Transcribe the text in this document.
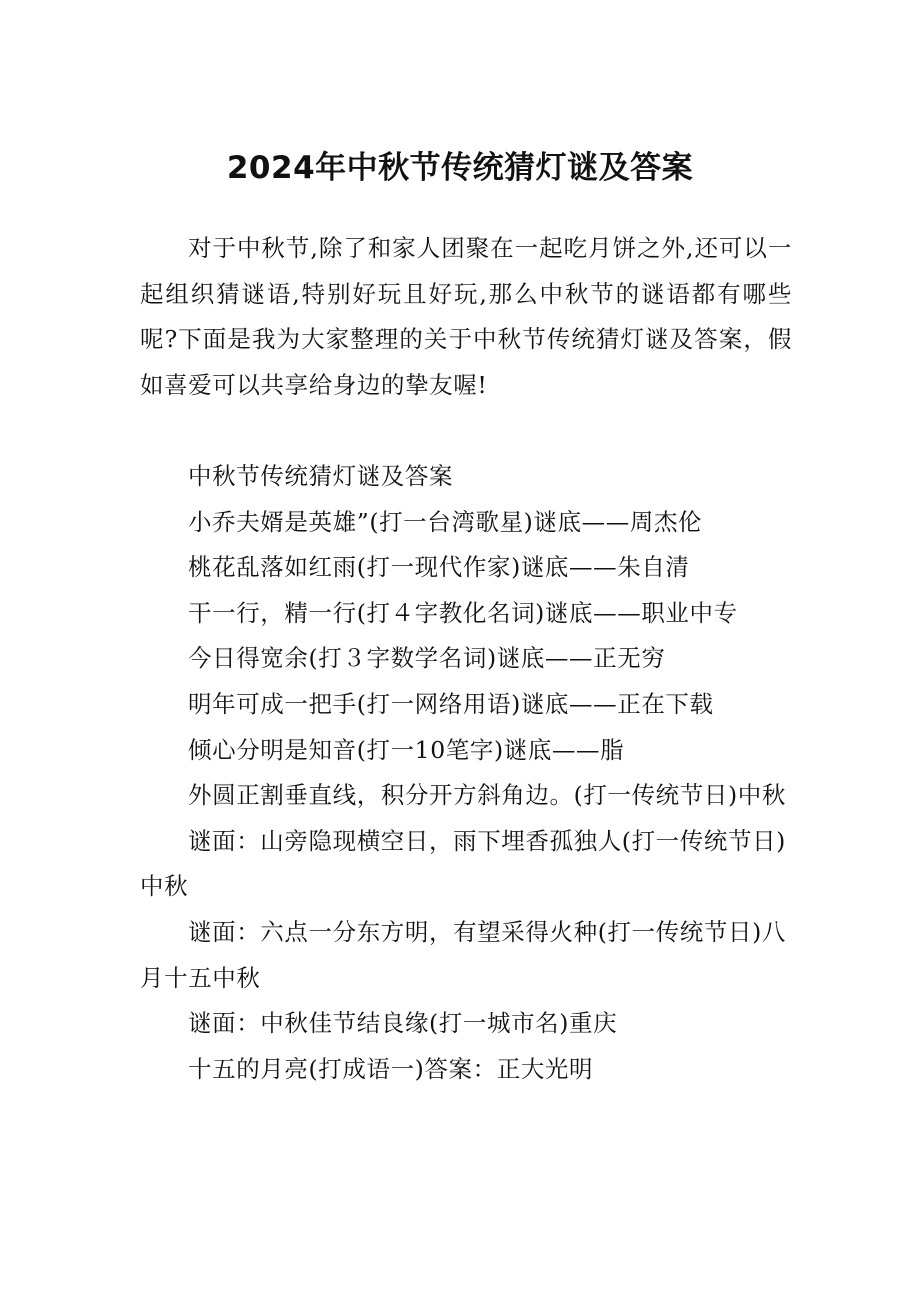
2024年中秋节传统猜灯谜及答案

对于中秋节,除了和家人团聚在一起吃月饼之外,还可以一起组织猜谜语,特别好玩且好玩,那么中秋节的谜语都有哪些呢?下面是我为大家整理的关于中秋节传统猜灯谜及答案，假如喜爱可以共享给身边的挚友喔!

中秋节传统猜灯谜及答案

小乔夫婿是英雄”(打一台湾歌星)谜底——周杰伦

桃花乱落如红雨(打一现代作家)谜底——朱自清

干一行，精一行(打４字教化名词)谜底——职业中专

今日得宽余(打３字数学名词)谜底——正无穷

明年可成一把手(打一网络用语)谜底——正在下载

倾心分明是知音(打一10笔字)谜底——脂

外圆正割垂直线，积分开方斜角边。(打一传统节日)中秋

谜面：山旁隐现横空日，雨下埋香孤独人(打一传统节日)中秋

谜面：六点一分东方明，有望采得火种(打一传统节日)八月十五中秋

谜面：中秋佳节结良缘(打一城市名)重庆

十五的月亮(打成语一)答案：正大光明
